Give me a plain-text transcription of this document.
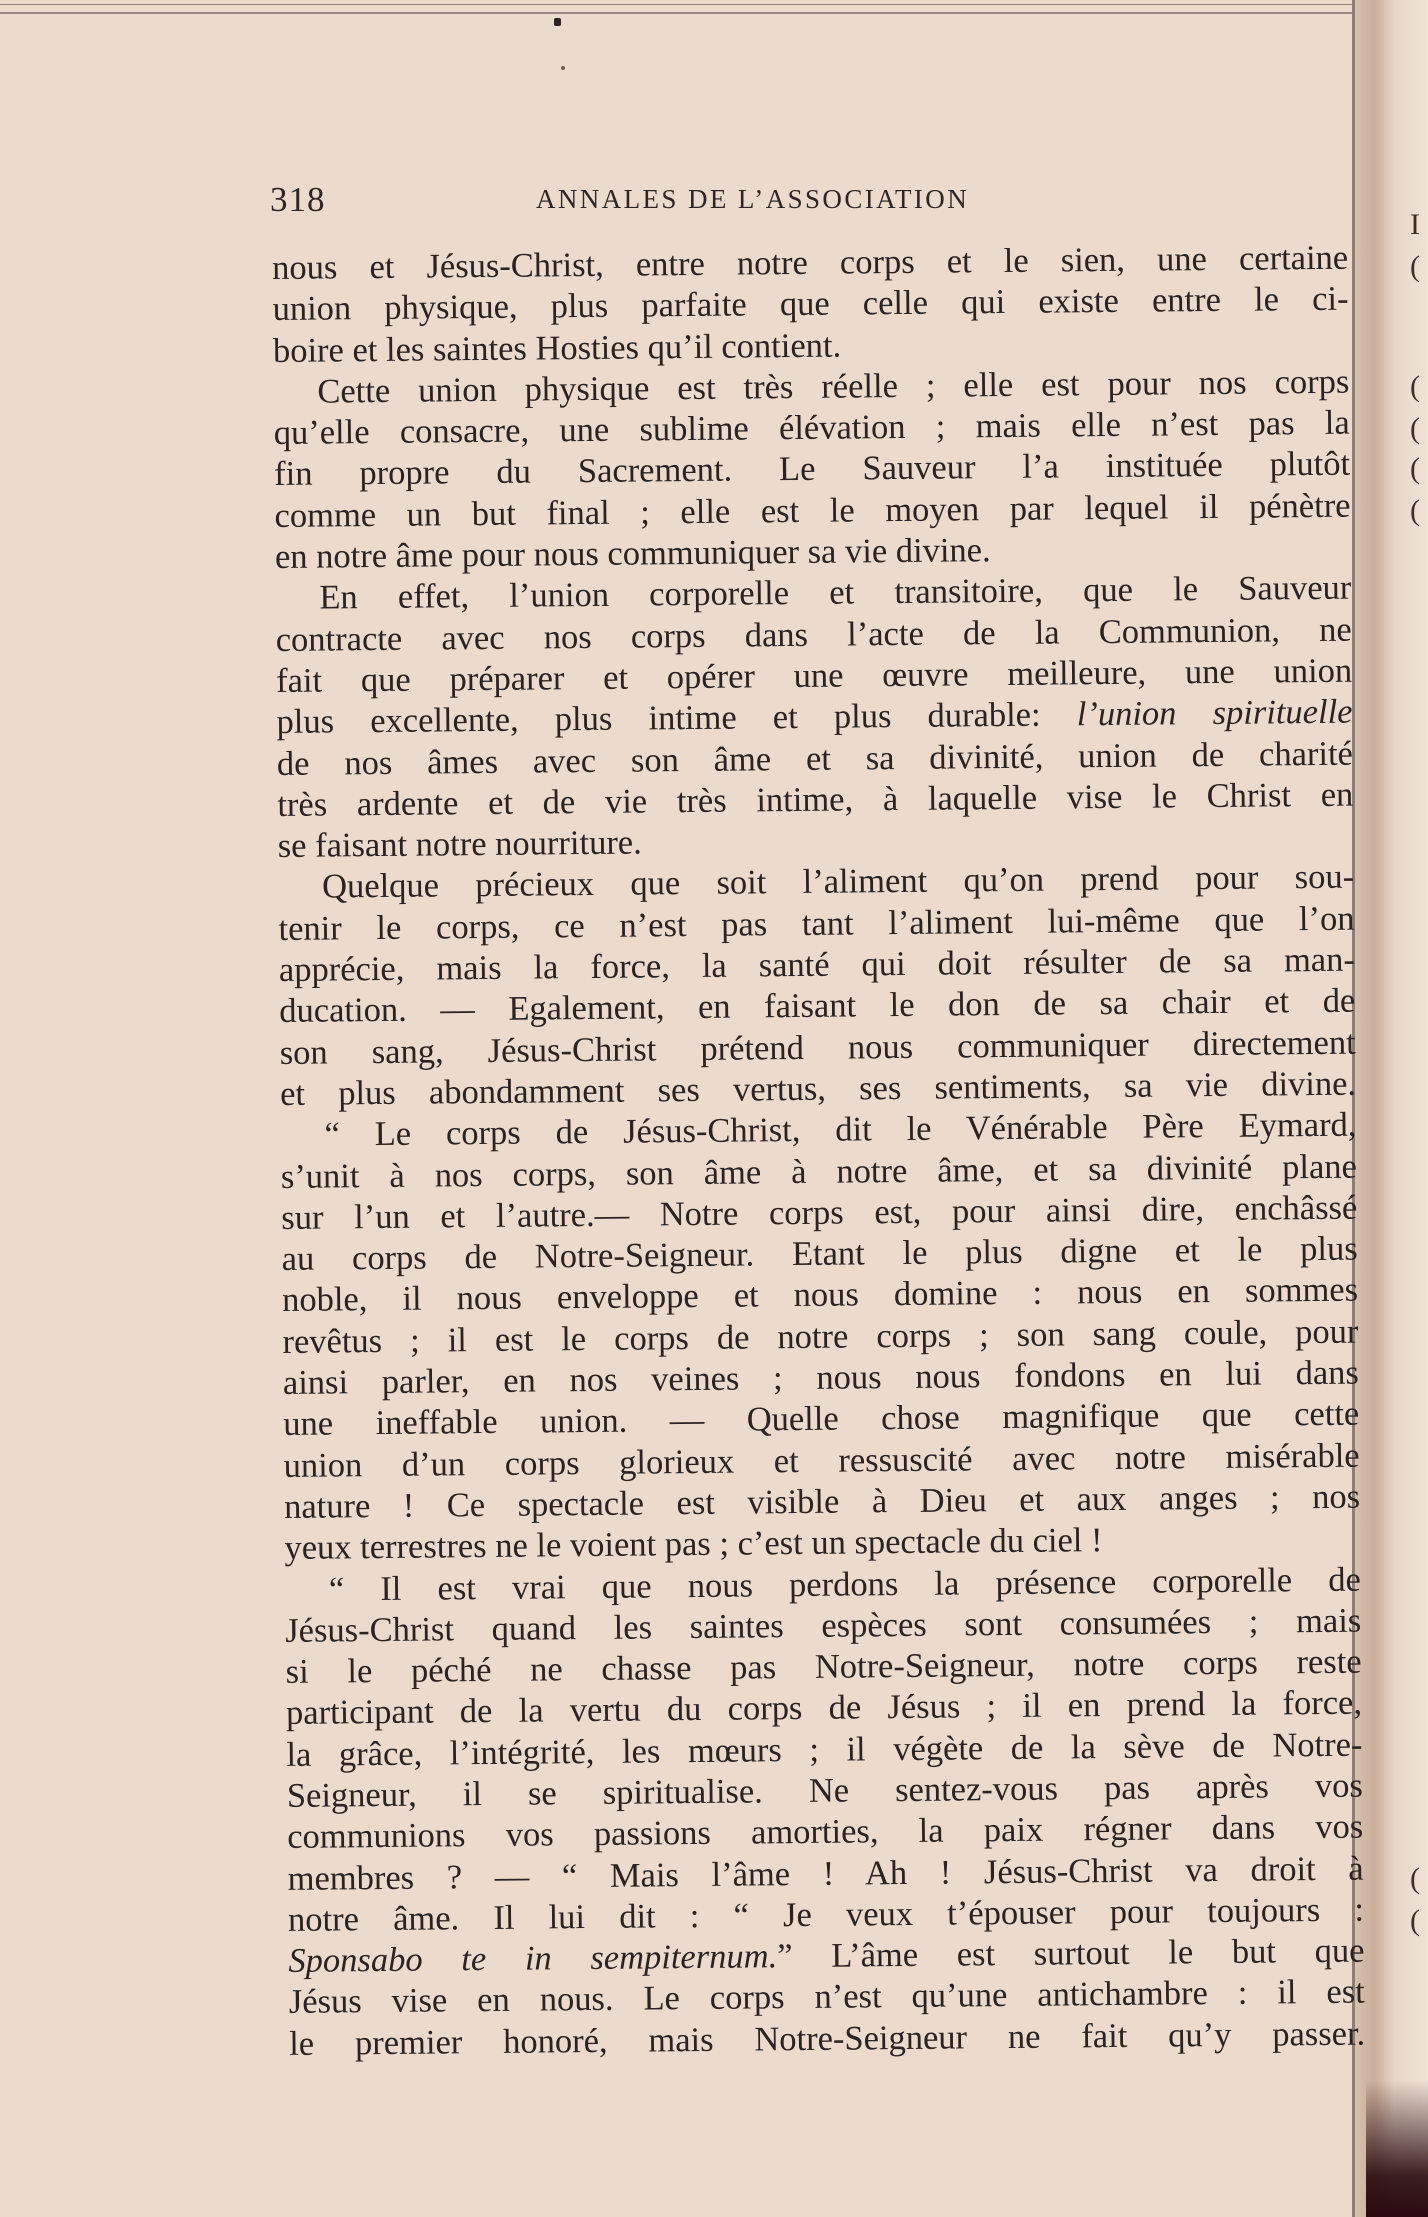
I
(
(
(
(
(
(
(
318	ANNALES DE L’ASSOCIATION
nous et Jésus-Christ, entre notre corps et le sien, une certaine
union physique, plus parfaite que celle qui existe entre le ci-
boire et les saintes Hosties qu’il contient.
Cette union physique est très réelle ; elle est pour nos corps
qu’elle consacre, une sublime élévation ; mais elle n’est pas la
fin propre du Sacrement. Le Sauveur l’a instituée plutôt
comme un but final ; elle est le moyen par lequel il pénètre
en notre âme pour nous communiquer sa vie divine.
En effet, l’union corporelle et transitoire, que le Sauveur
contracte avec nos corps dans l’acte de la Communion, ne
fait que préparer et opérer une œuvre meilleure, une union
plus excellente, plus intime et plus durable: l’union spirituelle
de nos âmes avec son âme et sa divinité, union de charité
très ardente et de vie très intime, à laquelle vise le Christ en
se faisant notre nourriture.
Quelque précieux que soit l’aliment qu’on prend pour sou-
tenir le corps, ce n’est pas tant l’aliment lui-même que l’on
apprécie, mais la force, la santé qui doit résulter de sa man-
ducation. — Egalement, en faisant le don de sa chair et de
son sang, Jésus-Christ prétend nous communiquer directement
et plus abondamment ses vertus, ses sentiments, sa vie divine.
“ Le corps de Jésus-Christ, dit le Vénérable Père Eymard,
s’unit à nos corps, son âme à notre âme, et sa divinité plane
sur l’un et l’autre.— Notre corps est, pour ainsi dire, enchâssé
au corps de Notre-Seigneur. Etant le plus digne et le plus
noble, il nous enveloppe et nous domine : nous en sommes
revêtus ; il est le corps de notre corps ; son sang coule, pour
ainsi parler, en nos veines ; nous nous fondons en lui dans
une ineffable union. — Quelle chose magnifique que cette
union d’un corps glorieux et ressuscité avec notre misérable
nature ! Ce spectacle est visible à Dieu et aux anges ; nos
yeux terrestres ne le voient pas ; c’est un spectacle du ciel !
“ Il est vrai que nous perdons la présence corporelle de
Jésus-Christ quand les saintes espèces sont consumées ; mais
si le péché ne chasse pas Notre-Seigneur, notre corps reste
participant de la vertu du corps de Jésus ; il en prend la force,
la grâce, l’intégrité, les mœurs ; il végète de la sève de Notre-
Seigneur, il se spiritualise. Ne sentez-vous pas après vos
communions vos passions amorties, la paix régner dans vos
membres ? — “ Mais l’âme ! Ah ! Jésus-Christ va droit à
notre âme. Il lui dit : “ Je veux t’épouser pour toujours :
Sponsabo te in sempiternum.” L’âme est surtout le but que
Jésus vise en nous. Le corps n’est qu’une antichambre : il est
le premier honoré, mais Notre-Seigneur ne fait qu’y passer.
